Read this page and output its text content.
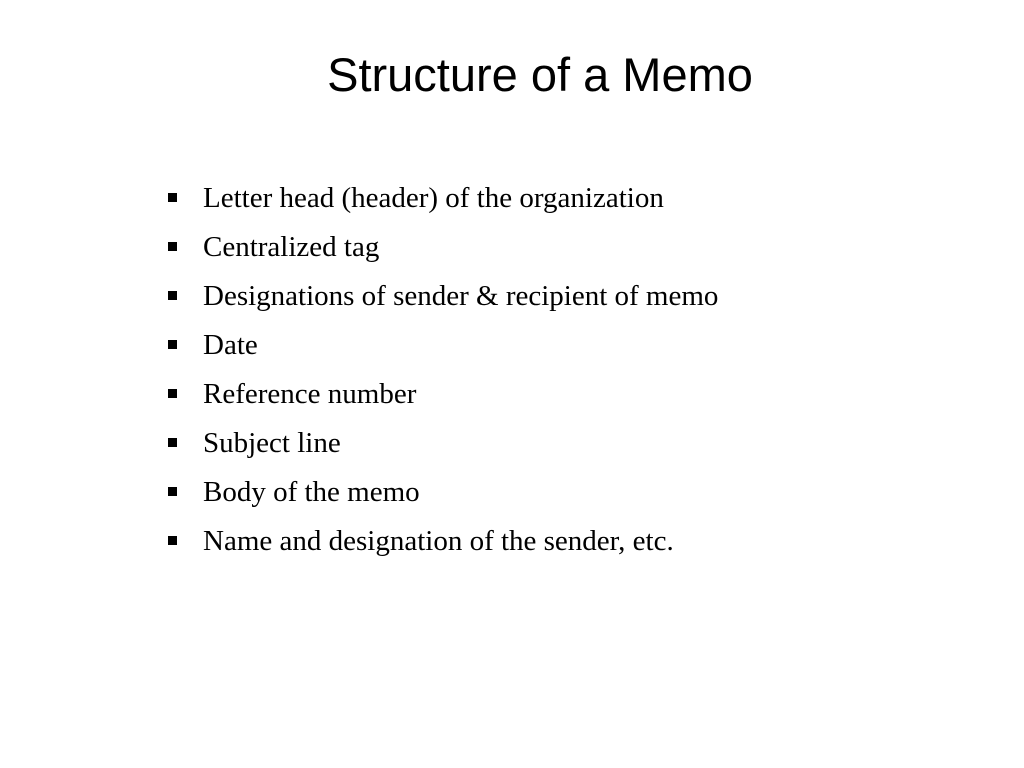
Structure of a Memo
Letter head (header) of the organization
Centralized tag
Designations of sender & recipient of memo
Date
Reference number
Subject line
Body of the memo
Name and designation of the sender, etc.
